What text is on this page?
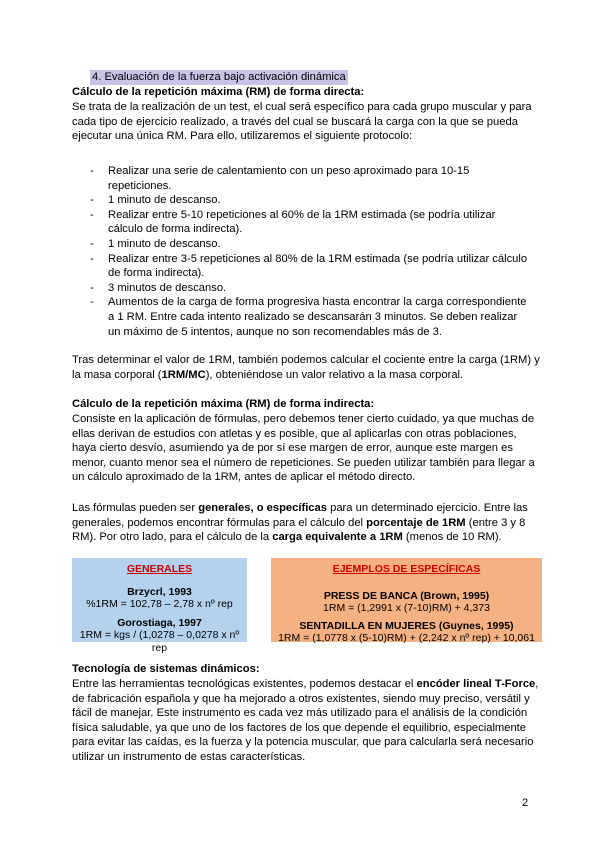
4. Evaluación de la fuerza bajo activación dinámica
Cálculo de la repetición máxima (RM) de forma directa:

Se trata de la realización de un test, el cual será específico para cada grupo muscular y para cada tipo de ejercicio realizado, a través del cual se buscará la carga con la que se pueda ejecutar una única RM. Para ello, utilizaremos el siguiente protocolo:

- Realizar una serie de calentamiento con un peso aproximado para 10-15 repeticiones.
- 1 minuto de descanso.
- Realizar entre 5-10 repeticiones al 60% de la 1RM estimada (se podría utilizar cálculo de forma indirecta).
- 1 minuto de descanso.
- Realizar entre 3-5 repeticiones al 80% de la 1RM estimada (se podría utilizar cálculo de forma indirecta).
- 3 minutos de descanso.
- Aumentos de la carga de forma progresiva hasta encontrar la carga correspondiente a 1 RM. Entre cada intento realizado se descansarán 3 minutos. Se deben realizar un máximo de 5 intentos, aunque no son recomendables más de 3.

Tras determinar el valor de 1RM, también podemos calcular el cociente entre la carga (1RM) y la masa corporal (1RM/MC), obteniéndose un valor relativo a la masa corporal.

Cálculo de la repetición máxima (RM) de forma indirecta:

Consiste en la aplicación de fórmulas, pero debemos tener cierto cuidado, ya que muchas de ellas derivan de estudios con atletas y es posible, que al aplicarlas con otras poblaciones, haya cierto desvío, asumiendo ya de por sí ese margen de error, aunque este margen es menor, cuanto menor sea el número de repeticiones. Se pueden utilizar también para llegar a un cálculo aproximado de la 1RM, antes de aplicar el método directo.

Las fórmulas pueden ser generales, o específicas para un determinado ejercicio. Entre las generales, podemos encontrar fórmulas para el cálculo del porcentaje de 1RM (entre 3 y 8 RM). Por otro lado, para el cálculo de la carga equivalente a 1RM (menos de 10 RM).

GENERALES
Brzycrl, 1993
%1RM = 102,78 – 2,78 x nº rep
Gorostiaga, 1997
1RM = kgs / (1,0278 – 0,0278 x nº rep
EJEMPLOS DE ESPECÍFICAS
PRESS DE BANCA (Brown, 1995)
1RM = (1,2991 x (7-10)RM) + 4,373
SENTADILLA EN MUJERES (Guynes, 1995)
1RM = (1,0778 x (5-10)RM) + (2,242 x nº rep) + 10,061
Tecnología de sistemas dinámicos:

Entre las herramientas tecnológicas existentes, podemos destacar el encóder lineal T-Force, de fabricación española y que ha mejorado a otros existentes, siendo muy preciso, versátil y fácil de manejar. Este instrumento es cada vez más utilizado para el análisis de la condición física saludable, ya que uno de los factores de los que depende el equilibrio, especialmente para evitar las caídas, es la fuerza y la potencia muscular, que para calcularla será necesario utilizar un instrumento de estas características.

2
